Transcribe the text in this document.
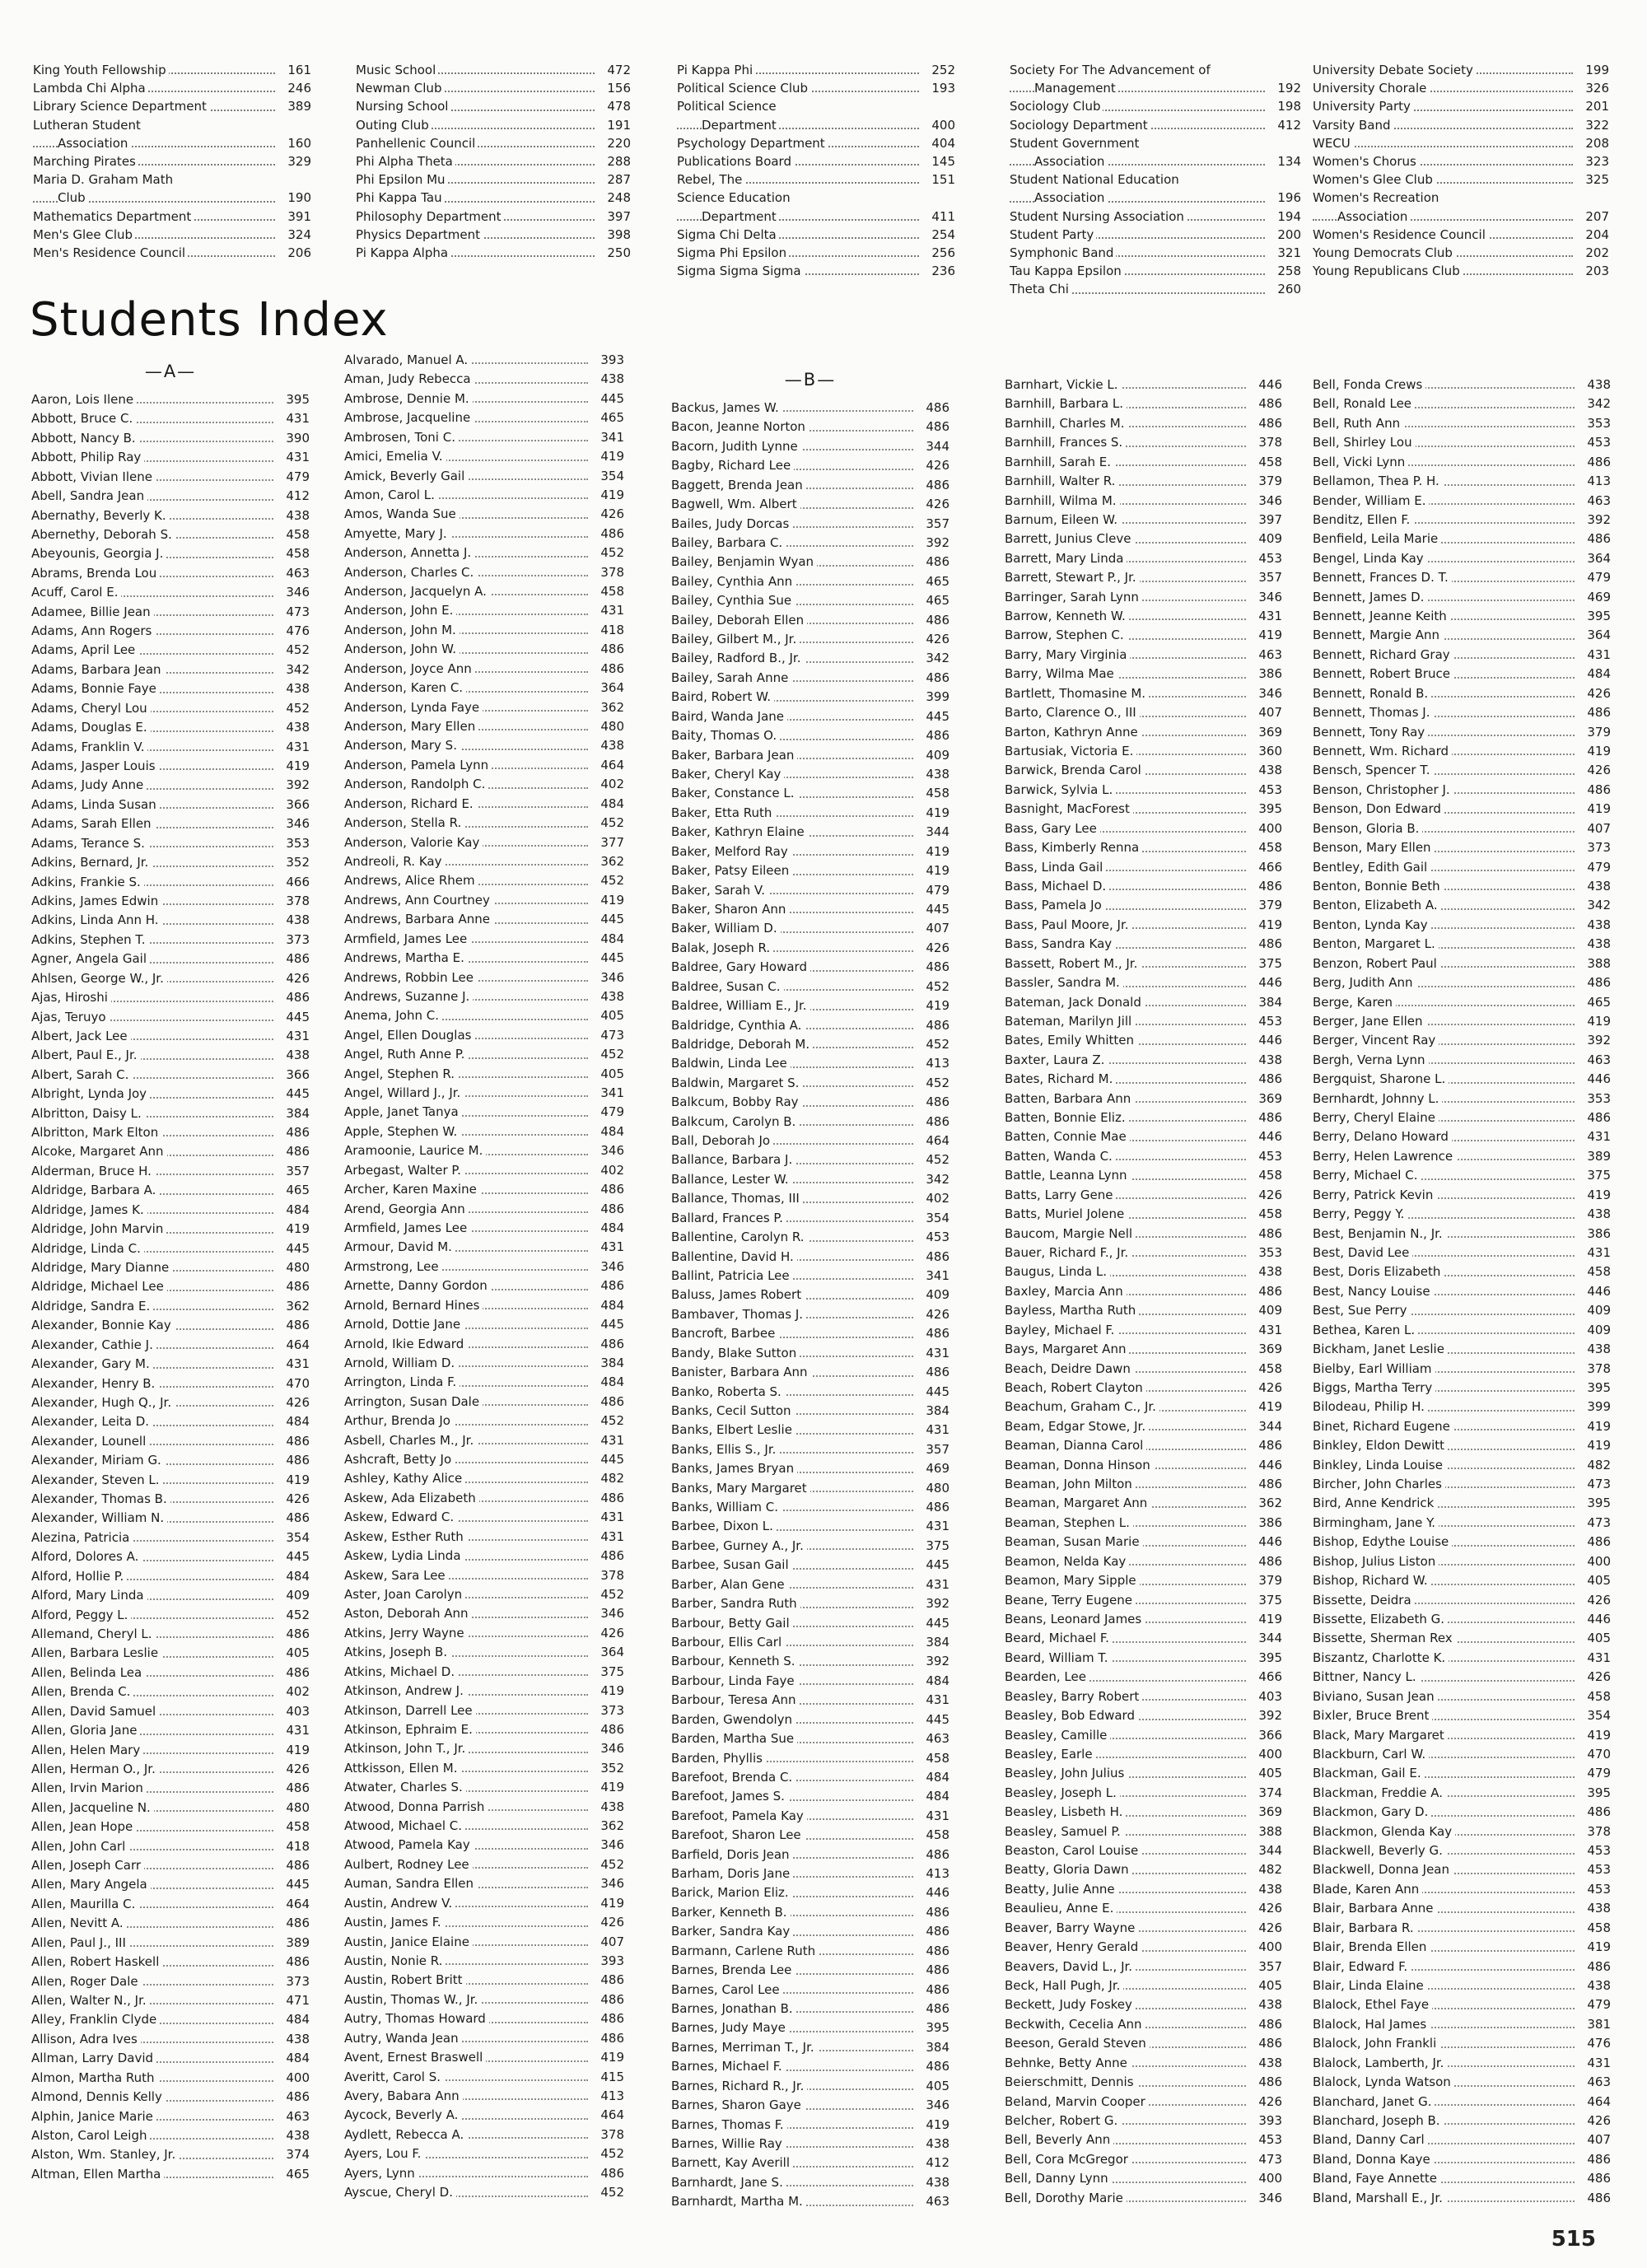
King Youth Fellowship	161
Lambda Chi Alpha	246
Library Science Department	389
Lutheran Student
Association	160
Marching Pirates	329
Maria D. Graham Math
Club	190
Mathematics Department	391
Men's Glee Club	324
Men's Residence Council	206
Music School	472
Newman Club	156
Nursing School	478
Outing Club	191
Panhellenic Council	220
Phi Alpha Theta	288
Phi Epsilon Mu	287
Phi Kappa Tau	248
Philosophy Department	397
Physics Department	398
Pi Kappa Alpha	250
Pi Kappa Phi	252
Political Science Club	193
Political Science
Department	400
Psychology Department	404
Publications Board	145
Rebel, The	151
Science Education
Department	411
Sigma Chi Delta	254
Sigma Phi Epsilon	256
Sigma Sigma Sigma	236
Society For The Advancement of
Management	192
Sociology Club	198
Sociology Department	412
Student Government
Association	134
Student National Education
Association	196
Student Nursing Association	194
Student Party	200
Symphonic Band	321
Tau Kappa Epsilon	258
Theta Chi	260
University Debate Society	199
University Chorale	326
University Party	201
Varsity Band	322
WECU	208
Women's Chorus	323
Women's Glee Club	325
Women's Recreation
Association	207
Women's Residence Council	204
Young Democrats Club	202
Young Republicans Club	203
Students Index
—A—
Aaron, Lois Ilene	395
Abbott, Bruce C.	431
Abbott, Nancy B.	390
Abbott, Philip Ray	431
Abbott, Vivian Ilene	479
Abell, Sandra Jean	412
Abernathy, Beverly K.	438
Abernethy, Deborah S.	458
Abeyounis, Georgia J.	458
Abrams, Brenda Lou	463
Acuff, Carol E.	346
Adamee, Billie Jean	473
Adams, Ann Rogers	476
Adams, April Lee	452
Adams, Barbara Jean	342
Adams, Bonnie Faye	438
Adams, Cheryl Lou	452
Adams, Douglas E.	438
Adams, Franklin V.	431
Adams, Jasper Louis	419
Adams, Judy Anne	392
Adams, Linda Susan	366
Adams, Sarah Ellen	346
Adams, Terance S.	353
Adkins, Bernard, Jr.	352
Adkins, Frankie S.	466
Adkins, James Edwin	378
Adkins, Linda Ann H.	438
Adkins, Stephen T.	373
Agner, Angela Gail	486
Ahlsen, George W., Jr.	426
Ajas, Hiroshi	486
Ajas, Teruyo	445
Albert, Jack Lee	431
Albert, Paul E., Jr.	438
Albert, Sarah C.	366
Albright, Lynda Joy	445
Albritton, Daisy L.	384
Albritton, Mark Elton	486
Alcoke, Margaret Ann	486
Alderman, Bruce H.	357
Aldridge, Barbara A.	465
Aldridge, James K.	484
Aldridge, John Marvin	419
Aldridge, Linda C.	445
Aldridge, Mary Dianne	480
Aldridge, Michael Lee	486
Aldridge, Sandra E.	362
Alexander, Bonnie Kay	486
Alexander, Cathie J.	464
Alexander, Gary M.	431
Alexander, Henry B.	470
Alexander, Hugh Q., Jr.	426
Alexander, Leita D.	484
Alexander, Lounell	486
Alexander, Miriam G.	486
Alexander, Steven L.	419
Alexander, Thomas B.	426
Alexander, William N.	486
Alezina, Patricia	354
Alford, Dolores A.	445
Alford, Hollie P.	484
Alford, Mary Linda	409
Alford, Peggy L.	452
Allemand, Cheryl L.	486
Allen, Barbara Leslie	405
Allen, Belinda Lea	486
Allen, Brenda C.	402
Allen, David Samuel	403
Allen, Gloria Jane	431
Allen, Helen Mary	419
Allen, Herman O., Jr.	426
Allen, Irvin Marion	486
Allen, Jacqueline N.	480
Allen, Jean Hope	458
Allen, John Carl	418
Allen, Joseph Carr	486
Allen, Mary Angela	445
Allen, Maurilla C.	464
Allen, Nevitt A.	486
Allen, Paul J., III	389
Allen, Robert Haskell	486
Allen, Roger Dale	373
Allen, Walter N., Jr.	471
Alley, Franklin Clyde	484
Allison, Adra Ives	438
Allman, Larry David	484
Almon, Martha Ruth	400
Almond, Dennis Kelly	486
Alphin, Janice Marie	463
Alston, Carol Leigh	438
Alston, Wm. Stanley, Jr.	374
Altman, Ellen Martha	465
Alvarado, Manuel A.	393
Aman, Judy Rebecca	438
Ambrose, Dennie M.	445
Ambrose, Jacqueline	465
Ambrosen, Toni C.	341
Amici, Emelia V.	419
Amick, Beverly Gail	354
Amon, Carol L.	419
Amos, Wanda Sue	426
Amyette, Mary J.	486
Anderson, Annetta J.	452
Anderson, Charles C.	378
Anderson, Jacquelyn A.	458
Anderson, John E.	431
Anderson, John M.	418
Anderson, John W.	486
Anderson, Joyce Ann	486
Anderson, Karen C.	364
Anderson, Lynda Faye	362
Anderson, Mary Ellen	480
Anderson, Mary S.	438
Anderson, Pamela Lynn	464
Anderson, Randolph C.	402
Anderson, Richard E.	484
Anderson, Stella R.	452
Anderson, Valorie Kay	377
Andreoli, R. Kay	362
Andrews, Alice Rhem	452
Andrews, Ann Courtney	419
Andrews, Barbara Anne	445
Armfield, James Lee	484
Andrews, Martha E.	445
Andrews, Robbin Lee	346
Andrews, Suzanne J.	438
Anema, John C.	405
Angel, Ellen Douglas	473
Angel, Ruth Anne P.	452
Angel, Stephen R.	405
Angel, Willard J., Jr.	341
Apple, Janet Tanya	479
Apple, Stephen W.	484
Aramoonie, Laurice M.	346
Arbegast, Walter P.	402
Archer, Karen Maxine	486
Arend, Georgia Ann	486
Armfield, James Lee	484
Armour, David M.	431
Armstrong, Lee	346
Arnette, Danny Gordon	486
Arnold, Bernard Hines	484
Arnold, Dottie Jane	445
Arnold, Ikie Edward	486
Arnold, William D.	384
Arrington, Linda F.	484
Arrington, Susan Dale	486
Arthur, Brenda Jo	452
Asbell, Charles M., Jr.	431
Ashcraft, Betty Jo	445
Ashley, Kathy Alice	482
Askew, Ada Elizabeth	486
Askew, Edward C.	431
Askew, Esther Ruth	431
Askew, Lydia Linda	486
Askew, Sara Lee	378
Aster, Joan Carolyn	452
Aston, Deborah Ann	346
Atkins, Jerry Wayne	426
Atkins, Joseph B.	364
Atkins, Michael D.	375
Atkinson, Andrew J.	419
Atkinson, Darrell Lee	373
Atkinson, Ephraim E.	486
Atkinson, John T., Jr.	346
Attkisson, Ellen M.	352
Atwater, Charles S.	419
Atwood, Donna Parrish	438
Atwood, Michael C.	362
Atwood, Pamela Kay	346
Aulbert, Rodney Lee	452
Auman, Sandra Ellen	346
Austin, Andrew V.	419
Austin, James F.	426
Austin, Janice Elaine	407
Austin, Nonie R.	393
Austin, Robert Britt	486
Austin, Thomas W., Jr.	486
Autry, Thomas Howard	486
Autry, Wanda Jean	486
Avent, Ernest Braswell	419
Averitt, Carol S.	415
Avery, Babara Ann	413
Aycock, Beverly A.	464
Aydlett, Rebecca A.	378
Ayers, Lou F.	452
Ayers, Lynn	486
Ayscue, Cheryl D.	452
—B—
Backus, James W.	486
Bacon, Jeanne Norton	486
Bacorn, Judith Lynne	344
Bagby, Richard Lee	426
Baggett, Brenda Jean	486
Bagwell, Wm. Albert	426
Bailes, Judy Dorcas	357
Bailey, Barbara C.	392
Bailey, Benjamin Wyan	486
Bailey, Cynthia Ann	465
Bailey, Cynthia Sue	465
Bailey, Deborah Ellen	486
Bailey, Gilbert M., Jr.	426
Bailey, Radford B., Jr.	342
Bailey, Sarah Anne	486
Baird, Robert W.	399
Baird, Wanda Jane	445
Baity, Thomas O.	486
Baker, Barbara Jean	409
Baker, Cheryl Kay	438
Baker, Constance L.	458
Baker, Etta Ruth	419
Baker, Kathryn Elaine	344
Baker, Melford Ray	419
Baker, Patsy Eileen	419
Baker, Sarah V.	479
Baker, Sharon Ann	445
Baker, William D.	407
Balak, Joseph R.	426
Baldree, Gary Howard	486
Baldree, Susan C.	452
Baldree, William E., Jr.	419
Baldridge, Cynthia A.	486
Baldridge, Deborah M.	452
Baldwin, Linda Lee	413
Baldwin, Margaret S.	452
Balkcum, Bobby Ray	486
Balkcum, Carolyn B.	486
Ball, Deborah Jo	464
Ballance, Barbara J.	452
Ballance, Lester W.	342
Ballance, Thomas, III	402
Ballard, Frances P.	354
Ballentine, Carolyn R.	453
Ballentine, David H.	486
Ballint, Patricia Lee	341
Baluss, James Robert	409
Bambaver, Thomas J.	426
Bancroft, Barbee	486
Bandy, Blake Sutton	431
Banister, Barbara Ann	486
Banko, Roberta S.	445
Banks, Cecil Sutton	384
Banks, Elbert Leslie	431
Banks, Ellis S., Jr.	357
Banks, James Bryan	469
Banks, Mary Margaret	480
Banks, William C.	486
Barbee, Dixon L.	431
Barbee, Gurney A., Jr.	375
Barbee, Susan Gail	445
Barber, Alan Gene	431
Barber, Sandra Ruth	392
Barbour, Betty Gail	445
Barbour, Ellis Carl	384
Barbour, Kenneth S.	392
Barbour, Linda Faye	484
Barbour, Teresa Ann	431
Barden, Gwendolyn	445
Barden, Martha Sue	463
Barden, Phyllis	458
Barefoot, Brenda C.	484
Barefoot, James S.	484
Barefoot, Pamela Kay	431
Barefoot, Sharon Lee	458
Barfield, Doris Jean	486
Barham, Doris Jane	413
Barick, Marion Eliz.	446
Barker, Kenneth B.	486
Barker, Sandra Kay	486
Barmann, Carlene Ruth	486
Barnes, Brenda Lee	486
Barnes, Carol Lee	486
Barnes, Jonathan B.	486
Barnes, Judy Maye	395
Barnes, Merriman T., Jr.	384
Barnes, Michael F.	486
Barnes, Richard R., Jr.	405
Barnes, Sharon Gaye	346
Barnes, Thomas F.	419
Barnes, Willie Ray	438
Barnett, Kay Averill	412
Barnhardt, Jane S.	438
Barnhardt, Martha M.	463
Barnhart, Vickie L.	446
Barnhill, Barbara L.	486
Barnhill, Charles M.	486
Barnhill, Frances S.	378
Barnhill, Sarah E.	458
Barnhill, Walter R.	379
Barnhill, Wilma M.	346
Barnum, Eileen W.	397
Barrett, Junius Cleve	409
Barrett, Mary Linda	453
Barrett, Stewart P., Jr.	357
Barringer, Sarah Lynn	346
Barrow, Kenneth W.	431
Barrow, Stephen C.	419
Barry, Mary Virginia	463
Barry, Wilma Mae	386
Bartlett, Thomasine M.	346
Barto, Clarence O., III	407
Barton, Kathryn Anne	369
Bartusiak, Victoria E.	360
Barwick, Brenda Carol	438
Barwick, Sylvia L.	453
Basnight, MacForest	395
Bass, Gary Lee	400
Bass, Kimberly Renna	458
Bass, Linda Gail	466
Bass, Michael D.	486
Bass, Pamela Jo	379
Bass, Paul Moore, Jr.	419
Bass, Sandra Kay	486
Bassett, Robert M., Jr.	375
Bassler, Sandra M.	446
Bateman, Jack Donald	384
Bateman, Marilyn Jill	453
Bates, Emily Whitten	446
Baxter, Laura Z.	438
Bates, Richard M.	486
Batten, Barbara Ann	369
Batten, Bonnie Eliz.	486
Batten, Connie Mae	446
Batten, Wanda C.	453
Battle, Leanna Lynn	458
Batts, Larry Gene	426
Batts, Muriel Jolene	458
Baucom, Margie Nell	486
Bauer, Richard F., Jr.	353
Baugus, Linda L.	438
Baxley, Marcia Ann	486
Bayless, Martha Ruth	409
Bayley, Michael F.	431
Bays, Margaret Ann	369
Beach, Deidre Dawn	458
Beach, Robert Clayton	426
Beachum, Graham C., Jr.	419
Beam, Edgar Stowe, Jr.	344
Beaman, Dianna Carol	486
Beaman, Donna Hinson	446
Beaman, John Milton	486
Beaman, Margaret Ann	362
Beaman, Stephen L.	386
Beaman, Susan Marie	446
Beamon, Nelda Kay	486
Beamon, Mary Sipple	379
Beane, Terry Eugene	375
Beans, Leonard James	419
Beard, Michael F.	344
Beard, William T.	395
Bearden, Lee	466
Beasley, Barry Robert	403
Beasley, Bob Edward	392
Beasley, Camille	366
Beasley, Earle	400
Beasley, John Julius	405
Beasley, Joseph L.	374
Beasley, Lisbeth H.	369
Beasley, Samuel P.	388
Beaston, Carol Louise	344
Beatty, Gloria Dawn	482
Beatty, Julie Anne	438
Beaulieu, Anne E.	426
Beaver, Barry Wayne	426
Beaver, Henry Gerald	400
Beavers, David L., Jr.	357
Beck, Hall Pugh, Jr.	405
Beckett, Judy Foskey	438
Beckwith, Cecelia Ann	486
Beeson, Gerald Steven	486
Behnke, Betty Anne	438
Beierschmitt, Dennis	486
Beland, Marvin Cooper	426
Belcher, Robert G.	393
Bell, Beverly Ann	453
Bell, Cora McGregor	473
Bell, Danny Lynn	400
Bell, Dorothy Marie	346
Bell, Fonda Crews	438
Bell, Ronald Lee	342
Bell, Ruth Ann	353
Bell, Shirley Lou	453
Bell, Vicki Lynn	486
Bellamon, Thea P. H.	413
Bender, William E.	463
Benditz, Ellen F.	392
Benfield, Leila Marie	486
Bengel, Linda Kay	364
Bennett, Frances D. T.	479
Bennett, James D.	469
Bennett, Jeanne Keith	395
Bennett, Margie Ann	364
Bennett, Richard Gray	431
Bennett, Robert Bruce	484
Bennett, Ronald B.	426
Bennett, Thomas J.	486
Bennett, Tony Ray	379
Bennett, Wm. Richard	419
Bensch, Spencer T.	426
Benson, Christopher J.	486
Benson, Don Edward	419
Benson, Gloria B.	407
Benson, Mary Ellen	373
Bentley, Edith Gail	479
Benton, Bonnie Beth	438
Benton, Elizabeth A.	342
Benton, Lynda Kay	438
Benton, Margaret L.	438
Benzon, Robert Paul	388
Berg, Judith Ann	486
Berge, Karen	465
Berger, Jane Ellen	419
Berger, Vincent Ray	392
Bergh, Verna Lynn	463
Bergquist, Sharone L.	446
Bernhardt, Johnny L.	353
Berry, Cheryl Elaine	486
Berry, Delano Howard	431
Berry, Helen Lawrence	389
Berry, Michael C.	375
Berry, Patrick Kevin	419
Berry, Peggy Y.	438
Best, Benjamin N., Jr.	386
Best, David Lee	431
Best, Doris Elizabeth	458
Best, Nancy Louise	446
Best, Sue Perry	409
Bethea, Karen L.	409
Bickham, Janet Leslie	438
Bielby, Earl William	378
Biggs, Martha Terry	395
Bilodeau, Philip H.	399
Binet, Richard Eugene	419
Binkley, Eldon Dewitt	419
Binkley, Linda Louise	482
Bircher, John Charles	473
Bird, Anne Kendrick	395
Birmingham, Jane Y.	473
Bishop, Edythe Louise	486
Bishop, Julius Liston	400
Bishop, Richard W.	405
Bissette, Deidra	426
Bissette, Elizabeth G.	446
Bissette, Sherman Rex	405
Biszantz, Charlotte K.	431
Bittner, Nancy L.	426
Biviano, Susan Jean	458
Bixler, Bruce Brent	354
Black, Mary Margaret	419
Blackburn, Carl W.	470
Blackman, Gail E.	479
Blackman, Freddie A.	395
Blackmon, Gary D.	486
Blackmon, Glenda Kay	378
Blackwell, Beverly G.	453
Blackwell, Donna Jean	453
Blade, Karen Ann	453
Blair, Barbara Anne	438
Blair, Barbara R.	458
Blair, Brenda Ellen	419
Blair, Edward F.	486
Blair, Linda Elaine	438
Blalock, Ethel Faye	479
Blalock, Hal James	381
Blalock, John Frankli	476
Blalock, Lamberth, Jr.	431
Blalock, Lynda Watson	463
Blanchard, Janet G.	464
Blanchard, Joseph B.	426
Bland, Danny Carl	407
Bland, Donna Kaye	486
Bland, Faye Annette	486
Bland, Marshall E., Jr.	486
515
